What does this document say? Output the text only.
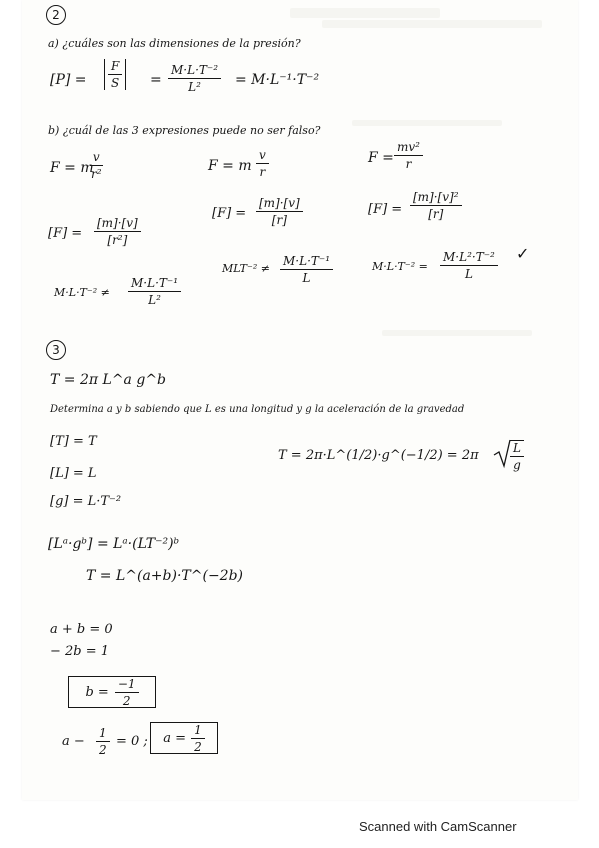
2
a) ¿cuáles son las dimensiones de la presión?
$[P] = \frac{F}{S} = \frac{\text{M·L·T⁻²}}{\text{L²}} = M\cdot L^{-1}\cdot T^{-2}$
b) ¿cuál de las 3 expresiones puede no ser falso?
F = m
$\frac{v}{\text{r²}}$	F = m $\frac{v}{r}$	$F = \frac{\text{mv²}}{r}$
$[F] = \frac{[m]\cdot[v]}{\text{[r²]}}$
$[F] = \frac{[m]\cdot[v]}{[r]}$	$[F] = \frac{\text{[m]·[v]²}}{[r]}$
$M\cdot L\cdot T^{-2} \ne \frac{\text{M·L·T⁻¹}}{\text{L²}}$
$MLT^{-2} \ne \frac{\text{M·L·T⁻¹}}{L}$	$M\cdot L\cdot T^{-2} = \frac{\text{M·L²·T⁻²}}{L}$ ✓
3
T = 2π L^a g^b
Determina a y b sabiendo que L es una longitud y g la aceleración de la gravedad
[T] = T
[L] = L
[g] = L·T⁻²
T = 2π·L^(1/2)·g^(−1/2) = 2π	$\frac{L}{g}$
[Lᵃ·gᵇ] = Lᵃ·(LT⁻²)ᵇ
T = L^(a+b)·T^(−2b)
a + b = 0
− 2b = 1
$b = \frac{-1}{2}$
$a - \frac{1}{2} = 0$ ; $a = \frac{1}{2}$
Scanned with CamScanner
